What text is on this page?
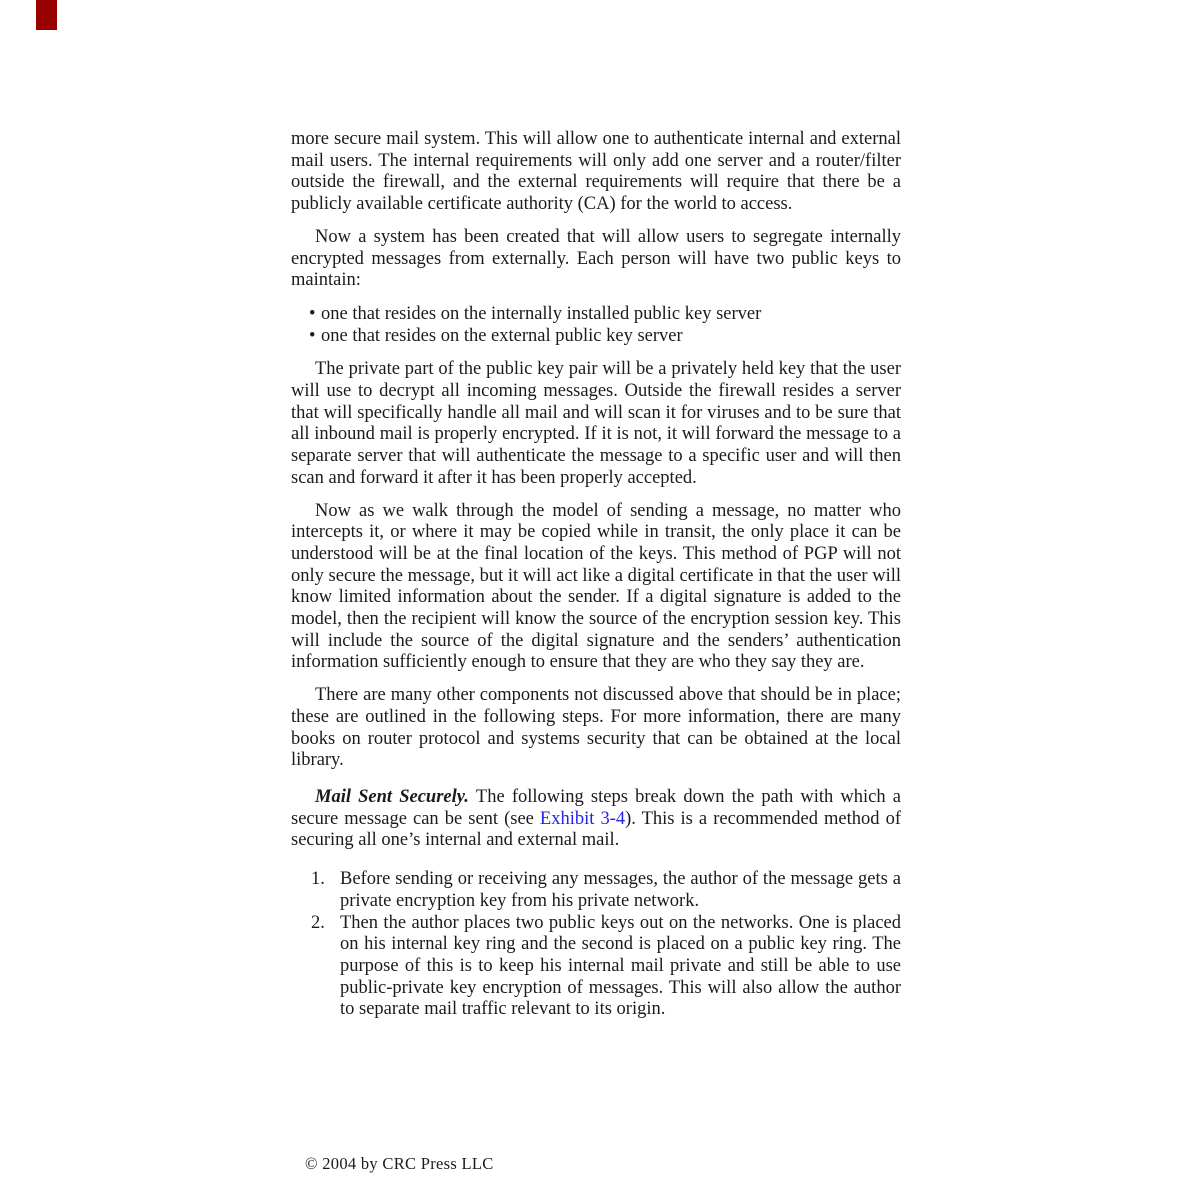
more secure mail system. This will allow one to authenticate internal and external mail users. The internal requirements will only add one server and a router/filter outside the firewall, and the external requirements will require that there be a publicly available certificate authority (CA) for the world to access.

Now a system has been created that will allow users to segregate internally encrypted messages from externally. Each person will have two public keys to maintain:

• one that resides on the internally installed public key server
• one that resides on the external public key server

The private part of the public key pair will be a privately held key that the user will use to decrypt all incoming messages. Outside the firewall resides a server that will specifically handle all mail and will scan it for viruses and to be sure that all inbound mail is properly encrypted. If it is not, it will forward the message to a separate server that will authenticate the message to a specific user and will then scan and forward it after it has been properly accepted.

Now as we walk through the model of sending a message, no matter who intercepts it, or where it may be copied while in transit, the only place it can be understood will be at the final location of the keys. This method of PGP will not only secure the message, but it will act like a digital certificate in that the user will know limited information about the sender. If a digital signature is added to the model, then the recipient will know the source of the encryption session key. This will include the source of the digital signature and the senders’ authentication information sufficiently enough to ensure that they are who they say they are.

There are many other components not discussed above that should be in place; these are outlined in the following steps. For more information, there are many books on router protocol and systems security that can be obtained at the local library.

Mail Sent Securely. The following steps break down the path with which a secure message can be sent (see Exhibit 3-4). This is a recommended method of securing all one’s internal and external mail.

1. Before sending or receiving any messages, the author of the message gets a private encryption key from his private network.
2. Then the author places two public keys out on the networks. One is placed on his internal key ring and the second is placed on a public key ring. The purpose of this is to keep his internal mail private and still be able to use public-private key encryption of messages. This will also allow the author to separate mail traffic relevant to its origin.
© 2004 by CRC Press LLC
